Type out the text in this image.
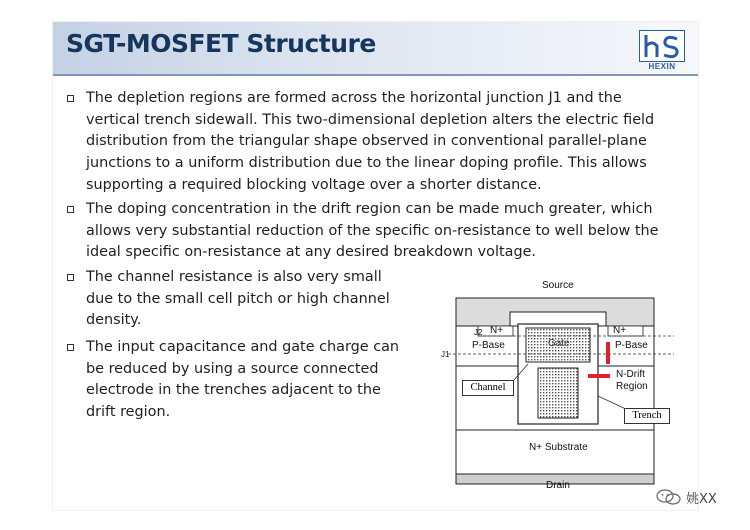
SGT-MOSFET Structure
HEXIN
The depletion regions are formed across the horizontal junction J1 and the vertical trench sidewall. This two-dimensional depletion alters the electric field distribution from the triangular shape observed in conventional parallel-plane junctions to a uniform distribution due to the linear doping profile. This allows supporting a required blocking voltage over a shorter distance.
The doping concentration in the drift region can be made much greater, which allows very substantial reduction of the specific on-resistance to well below the ideal specific on-resistance at any desired breakdown voltage.
The channel resistance is also very small due to the small cell pitch or high channel density.
The input capacitance and gate charge can be reduced by using a source connected electrode in the trenches adjacent to the drift region.
Source
J2 N+	N+
P-Base	P-Base
J1
Gate
Channel
N-Drift
Region
Trench
N+ Substrate
Drain
姚XX
